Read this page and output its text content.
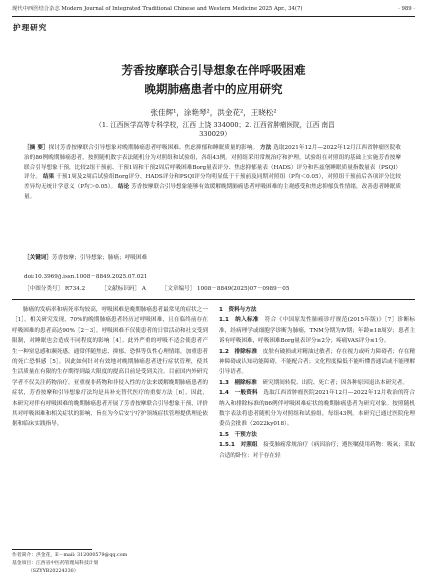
现代中西医结合杂志 Modern Journal of Integrated Traditional Chinese and Western Medicine 2025 Apr., 34(7)	· 989 ·
护理研究
芳香按摩联合引导想象在伴呼吸困难
晚期肺癌患者中的应用研究
张佳辉¹，涂艳琴²，洪金花²，王晓松²
（1. 江西医学高等专科学校，江西 上饶 334000；2. 江西省肿瘤医院，江西 南昌
330029）
［摘 要］探讨芳香按摩联合引导想象对晚期肺癌患者呼吸困难、焦虑抑郁和睡眠质量的影响。 方法 选取2021年12月—2022年12月江西省肿瘤医院收治的86例晚期肺癌患者，按照随机数字表法随机分为对照组和试验组，各组43例。对照组采用常规治疗和护理，试验组在对照组的基础上实施芳香按摩联合引导想象干预，比较2组干预前、干预1周和干预2周后呼吸困难Borg量表评分、焦虑抑郁量表（HADS）评分和匹兹堡睡眠质量指数量表（PSQI）评分。 结果 干预1周及2周后试验组Borg评分、HADS评分和PSQI评分均明显低于干预前及同期对照组（P均＜0.05），对照组干预前后各项评分比较差异均无统计学意义（P均＞0.05）。 结论 芳香按摩联合引导想象能够有效缓解晚期肺癌患者呼吸困难的主观感受和焦虑抑郁负性情绪，改善患者睡眠质量。
［关键词］芳香按摩；引导想象；肺癌；呼吸困难
doi:10.3969/j.issn.1008－8849.2025.07.021
［中图分类号］ R734.2	［文献标识码］ A	［文章编号］ 1008－8849(2025)07－0989－05

肺癌的发病率和病死率均较高，呼吸困难是晚期肺癌患者最常见的症状之一［1］。相关研究发现，70%的晚期肺癌患者经历过呼吸困难，且在临终前存在呼吸困难的患者高达90%［2－3］。呼吸困难不仅使患者的日常活动和社交受到限制，对睡眠也会造成不同程度的影响［4］。此外严重的呼吸不适会使患者产生一种窒息感和濒死感，通常伴随焦虑、抑郁、恐惧等负性心理情绪，加重患者的死亡恐惧感［5］。因此如何针对有效地对晚期肺癌患者进行症状管理，使其生活质量在有限的生存期得到最大限度的提高目前是受到关注。目前国内外研究学者不仅关注药物治疗，亚重视非药物和非侵入性的方法来缓解晚期肺癌患者的症状，芳香按摩和引导想象疗法均是具补充替代医疗的重要方法［6］。因此，本研究对伴有呼吸困难的晚期肺癌患者开展了芳香按摩联合引导想象干预，评价其对呼吸困难和相关症状的影响，旨在为今后安宁疗护领域症状管理提供理论依据和临床实践指导。

1　资料与方法

1.1　纳入标准　 符合《中国原发性肺癌诊疗规范(2015年版)》［7］诊断标准，经病理学或细胞学诊断为肺癌，TNM分期为Ⅳ期；年龄≥18周岁；患者主诉有呼吸困难，呼吸困难Borg量表评分≥2分；疼痛VAS评分≤1分。

1.2　排除标准　 皮肤有破损或对精油过敏者；存在视力或听力障碍者；存在精神障碍或认知功能障碍，不能配合者；文化程度偏低不能听懂普通话或不能理解引导语者。

1.3　剔除标准　 研究期间转院、出院、死亡者；因各种原因退出本研究者。

1.4　一般资料　 选取江西省肿瘤医院2021年12月—2022年12月收治的符合纳入和排除标准的86例伴呼吸困难症状的晚期肺癌患者为研究对象。按照随机数字表法将患者随机分为对照组和试验组，每组43例。本研究已通过医院伦理委员会批准（2022ky018）。

1.5　干预方法

1.5.1　对照组　 接受肺癌常规治疗（病因治疗；遵医嘱使用药物：吸氧；采取合适的卧位：对于存在轻

作者简介：洪金花，E－mail: 31200057‎9@qq.com
基金项目：江西省中医药管理局科技计划
（SZYYB20224330）
